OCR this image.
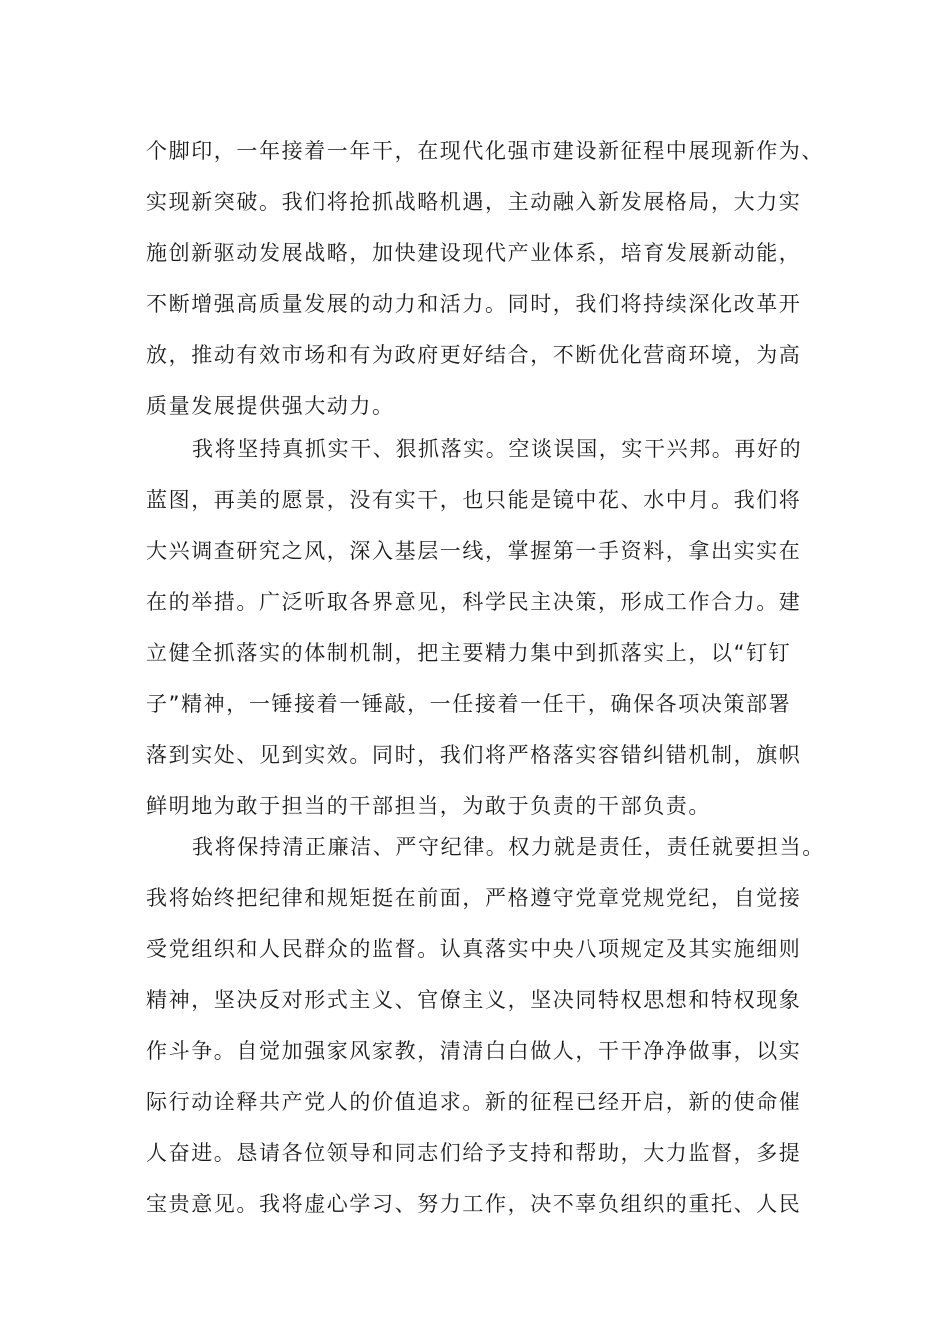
个脚印，一年接着一年干，在现代化强市建设新征程中展现新作为、
实现新突破。我们将抢抓战略机遇，主动融入新发展格局，大力实
施创新驱动发展战略，加快建设现代产业体系，培育发展新动能，
不断增强高质量发展的动力和活力。同时，我们将持续深化改革开
放，推动有效市场和有为政府更好结合，不断优化营商环境，为高
质量发展提供强大动力。
我将坚持真抓实干、狠抓落实。空谈误国，实干兴邦。再好的
蓝图，再美的愿景，没有实干，也只能是镜中花、水中月。我们将
大兴调查研究之风，深入基层一线，掌握第一手资料，拿出实实在
在的举措。广泛听取各界意见，科学民主决策，形成工作合力。建
立健全抓落实的体制机制，把主要精力集中到抓落实上，以“钉钉
子”精神，一锤接着一锤敲，一任接着一任干，确保各项决策部署
落到实处、见到实效。同时，我们将严格落实容错纠错机制，旗帜
鲜明地为敢于担当的干部担当，为敢于负责的干部负责。
我将保持清正廉洁、严守纪律。权力就是责任，责任就要担当。
我将始终把纪律和规矩挺在前面，严格遵守党章党规党纪，自觉接
受党组织和人民群众的监督。认真落实中央八项规定及其实施细则
精神，坚决反对形式主义、官僚主义，坚决同特权思想和特权现象
作斗争。自觉加强家风家教，清清白白做人，干干净净做事，以实
际行动诠释共产党人的价值追求。新的征程已经开启，新的使命催
人奋进。恳请各位领导和同志们给予支持和帮助，大力监督，多提
宝贵意见。我将虚心学习、努力工作，决不辜负组织的重托、人民
